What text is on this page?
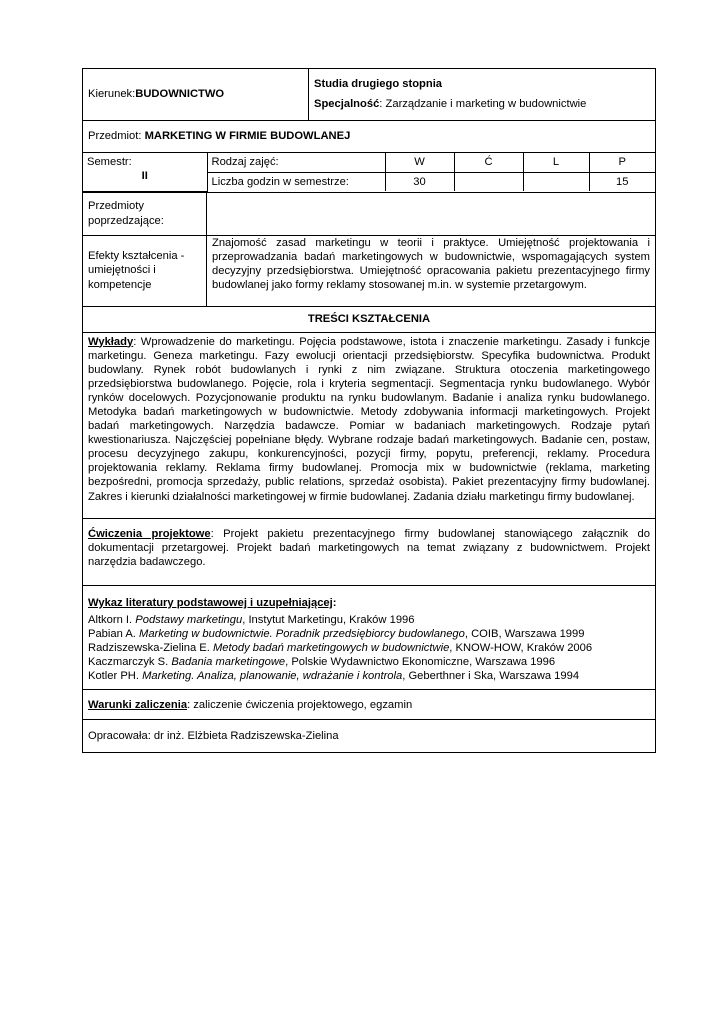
Kierunek: BUDOWNICTWO
Studia drugiego stopnia
Specjalność: Zarządzanie i marketing w budownictwie
Przedmiot:
MARKETING W FIRMIE BUDOWLANEJ
Semestr:
II	Rodzaj zajęć:	W	Ć	L	P
	Liczba godzin w semestrze:	30			15
Przedmioty poprzedzające:
Efekty kształcenia - umiejętności i kompetencje
Znajomość zasad marketingu w teorii i praktyce. Umiejętność projektowania i przeprowadzania badań marketingowych w budownictwie, wspomagających system decyzyjny przedsiębiorstwa. Umiejętność opracowania pakietu prezentacyjnego firmy budowlanej jako formy reklamy stosowanej m.in. w systemie przetargowym.
TREŚCI KSZTAŁCENIA
Wykłady: Wprowadzenie do marketingu. Pojęcia podstawowe, istota i znaczenie marketingu. Zasady i funkcje marketingu. Geneza marketingu. Fazy ewolucji orientacji przedsiębiorstw. Specyfika budownictwa. Produkt budowlany. Rynek robót budowlanych i rynki z nim związane. Struktura otoczenia marketingowego przedsiębiorstwa budowlanego. Pojęcie, rola i kryteria segmentacji. Segmentacja rynku budowlanego. Wybór rynków docelowych. Pozycjonowanie produktu na rynku budowlanym. Badanie i analiza rynku budowlanego. Metodyka badań marketingowych w budownictwie. Metody zdobywania informacji marketingowych. Projekt badań marketingowych. Narzędzia badawcze. Pomiar w badaniach marketingowych. Rodzaje pytań kwestionariusza. Najczęściej popełniane błędy. Wybrane rodzaje badań marketingowych. Badanie cen, postaw, procesu decyzyjnego zakupu, konkurencyjności, pozycji firmy, popytu, preferencji, reklamy. Procedura projektowania reklamy. Reklama firmy budowlanej. Promocja mix w budownictwie (reklama, marketing bezpośredni, promocja sprzedaży, public relations, sprzedaż osobista). Pakiet prezentacyjny firmy budowlanej. Zakres i kierunki działalności marketingowej w firmie budowlanej. Zadania działu marketingu firmy budowlanej.
Ćwiczenia projektowe: Projekt pakietu prezentacyjnego firmy budowlanej stanowiącego załącznik do dokumentacji przetargowej. Projekt badań marketingowych na temat związany z budownictwem. Projekt narzędzia badawczego.
Wykaz literatury podstawowej i uzupełniającej:
Altkorn I. Podstawy marketingu, Instytut Marketingu, Kraków 1996
Pabian A. Marketing w budownictwie. Poradnik przedsiębiorcy budowlanego, COIB, Warszawa 1999
Radziszewska-Zielina E. Metody badań marketingowych w budownictwie, KNOW-HOW, Kraków 2006
Kaczmarczyk S. Badania marketingowe, Polskie Wydawnictwo Ekonomiczne, Warszawa 1996
Kotler PH. Marketing. Analiza, planowanie, wdrażanie i kontrola, Geberthner i Ska, Warszawa 1994
Warunki zaliczenia : zaliczenie ćwiczenia projektowego, egzamin
Opracowała: dr inż. Elżbieta Radziszewska-Zielina
